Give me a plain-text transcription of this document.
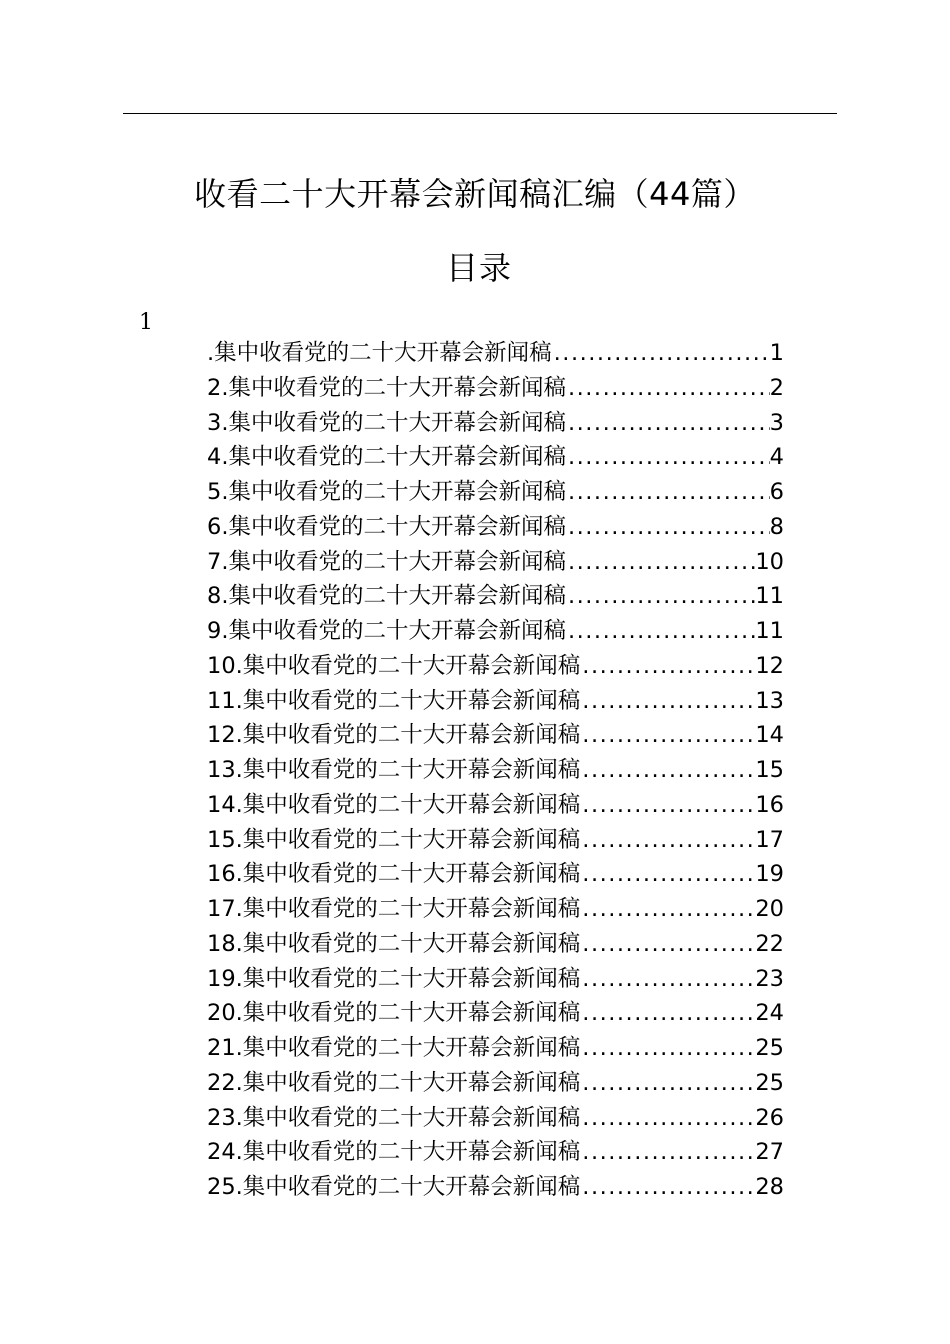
收看二十大开幕会新闻稿汇编（44篇）
目录
1
.集中收看党的二十大开幕会新闻稿 .....	1
2.集中收看党的二十大开幕会新闻稿 .....	2
3.集中收看党的二十大开幕会新闻稿 .....	3
4.集中收看党的二十大开幕会新闻稿 .....	4
5.集中收看党的二十大开幕会新闻稿 .....	6
6.集中收看党的二十大开幕会新闻稿 .....	8
7.集中收看党的二十大开幕会新闻稿 .....	10
8.集中收看党的二十大开幕会新闻稿 .....	11
9.集中收看党的二十大开幕会新闻稿 .....	11
10.集中收看党的二十大开幕会新闻稿 .....	12
11.集中收看党的二十大开幕会新闻稿 .....	13
12.集中收看党的二十大开幕会新闻稿 .....	14
13.集中收看党的二十大开幕会新闻稿 .....	15
14.集中收看党的二十大开幕会新闻稿 .....	16
15.集中收看党的二十大开幕会新闻稿 .....	17
16.集中收看党的二十大开幕会新闻稿 .....	19
17.集中收看党的二十大开幕会新闻稿 .....	20
18.集中收看党的二十大开幕会新闻稿 .....	22
19.集中收看党的二十大开幕会新闻稿 .....	23
20.集中收看党的二十大开幕会新闻稿 .....	24
21.集中收看党的二十大开幕会新闻稿 .....	25
22.集中收看党的二十大开幕会新闻稿 .....	25
23.集中收看党的二十大开幕会新闻稿 .....	26
24.集中收看党的二十大开幕会新闻稿 .....	27
25.集中收看党的二十大开幕会新闻稿 .....	28
